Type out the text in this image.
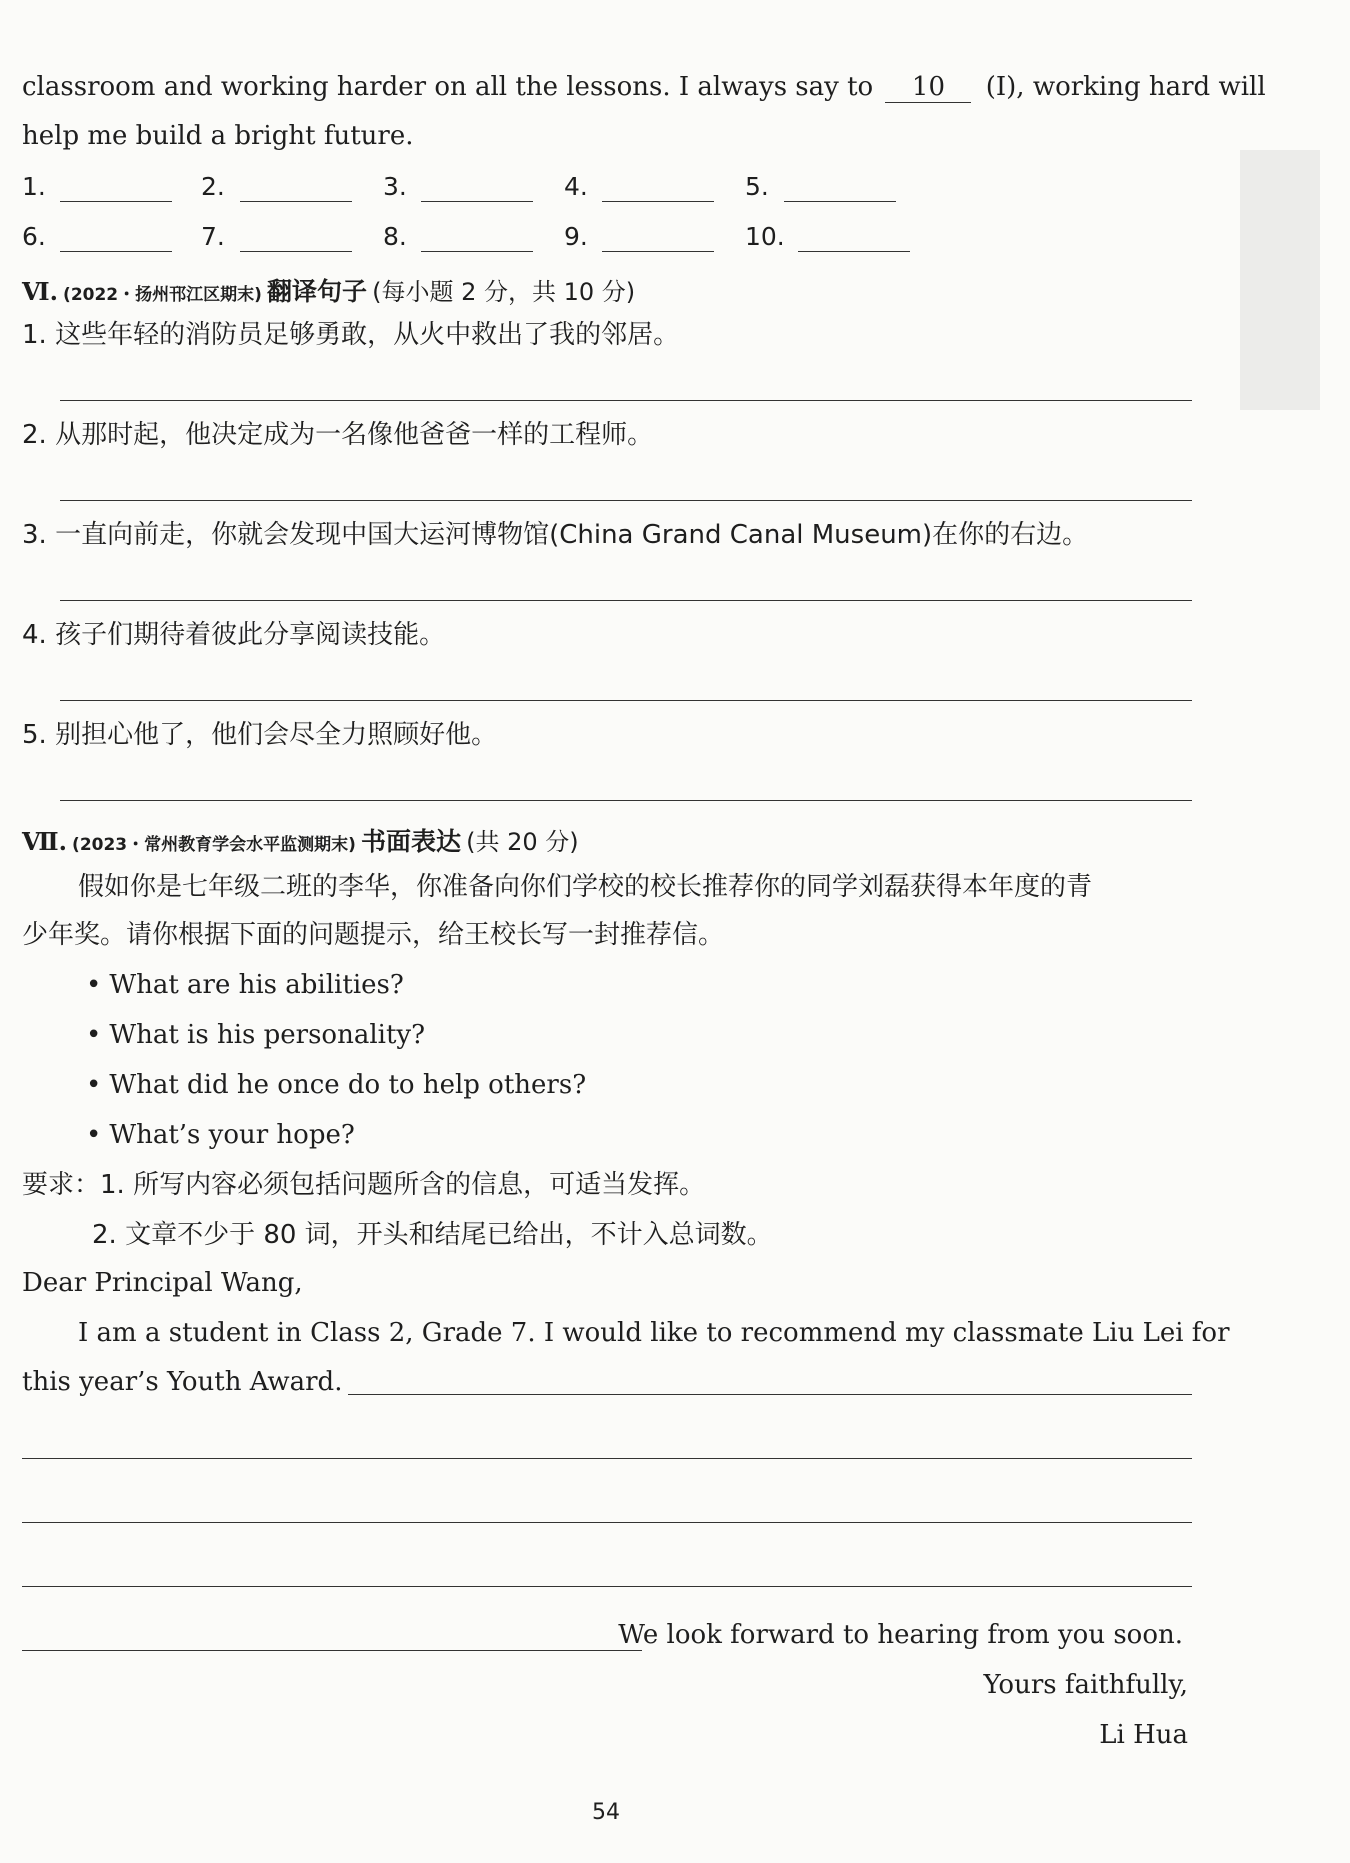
classroom and working harder on all the lessons. I always say to 10 (I), working hard will
help me build a bright future.
1.	2.	3.	4.	5.
6.	7.	8.	9.	10.
Ⅵ. (2022・扬州邗江区期末) 翻译句子 (每小题 2 分，共 10 分)
1. 这些年轻的消防员足够勇敢，从火中救出了我的邻居。
2. 从那时起，他决定成为一名像他爸爸一样的工程师。
3. 一直向前走，你就会发现中国大运河博物馆(China Grand Canal Museum)在你的右边。
4. 孩子们期待着彼此分享阅读技能。
5. 别担心他了，他们会尽全力照顾好他。
Ⅶ. (2023・常州教育学会水平监测期末) 书面表达 (共 20 分)
假如你是七年级二班的李华，你准备向你们学校的校长推荐你的同学刘磊获得本年度的青
少年奖。请你根据下面的问题提示，给王校长写一封推荐信。
• What are his abilities?
• What is his personality?
• What did he once do to help others?
• What’s your hope?
要求：1. 所写内容必须包括问题所含的信息，可适当发挥。
2. 文章不少于 80 词，开头和结尾已给出，不计入总词数。
Dear Principal Wang,
I am a student in Class 2, Grade 7. I would like to recommend my classmate Liu Lei for
this year’s Youth Award.
We look forward to hearing from you soon.
Yours faithfully,
Li Hua
54
